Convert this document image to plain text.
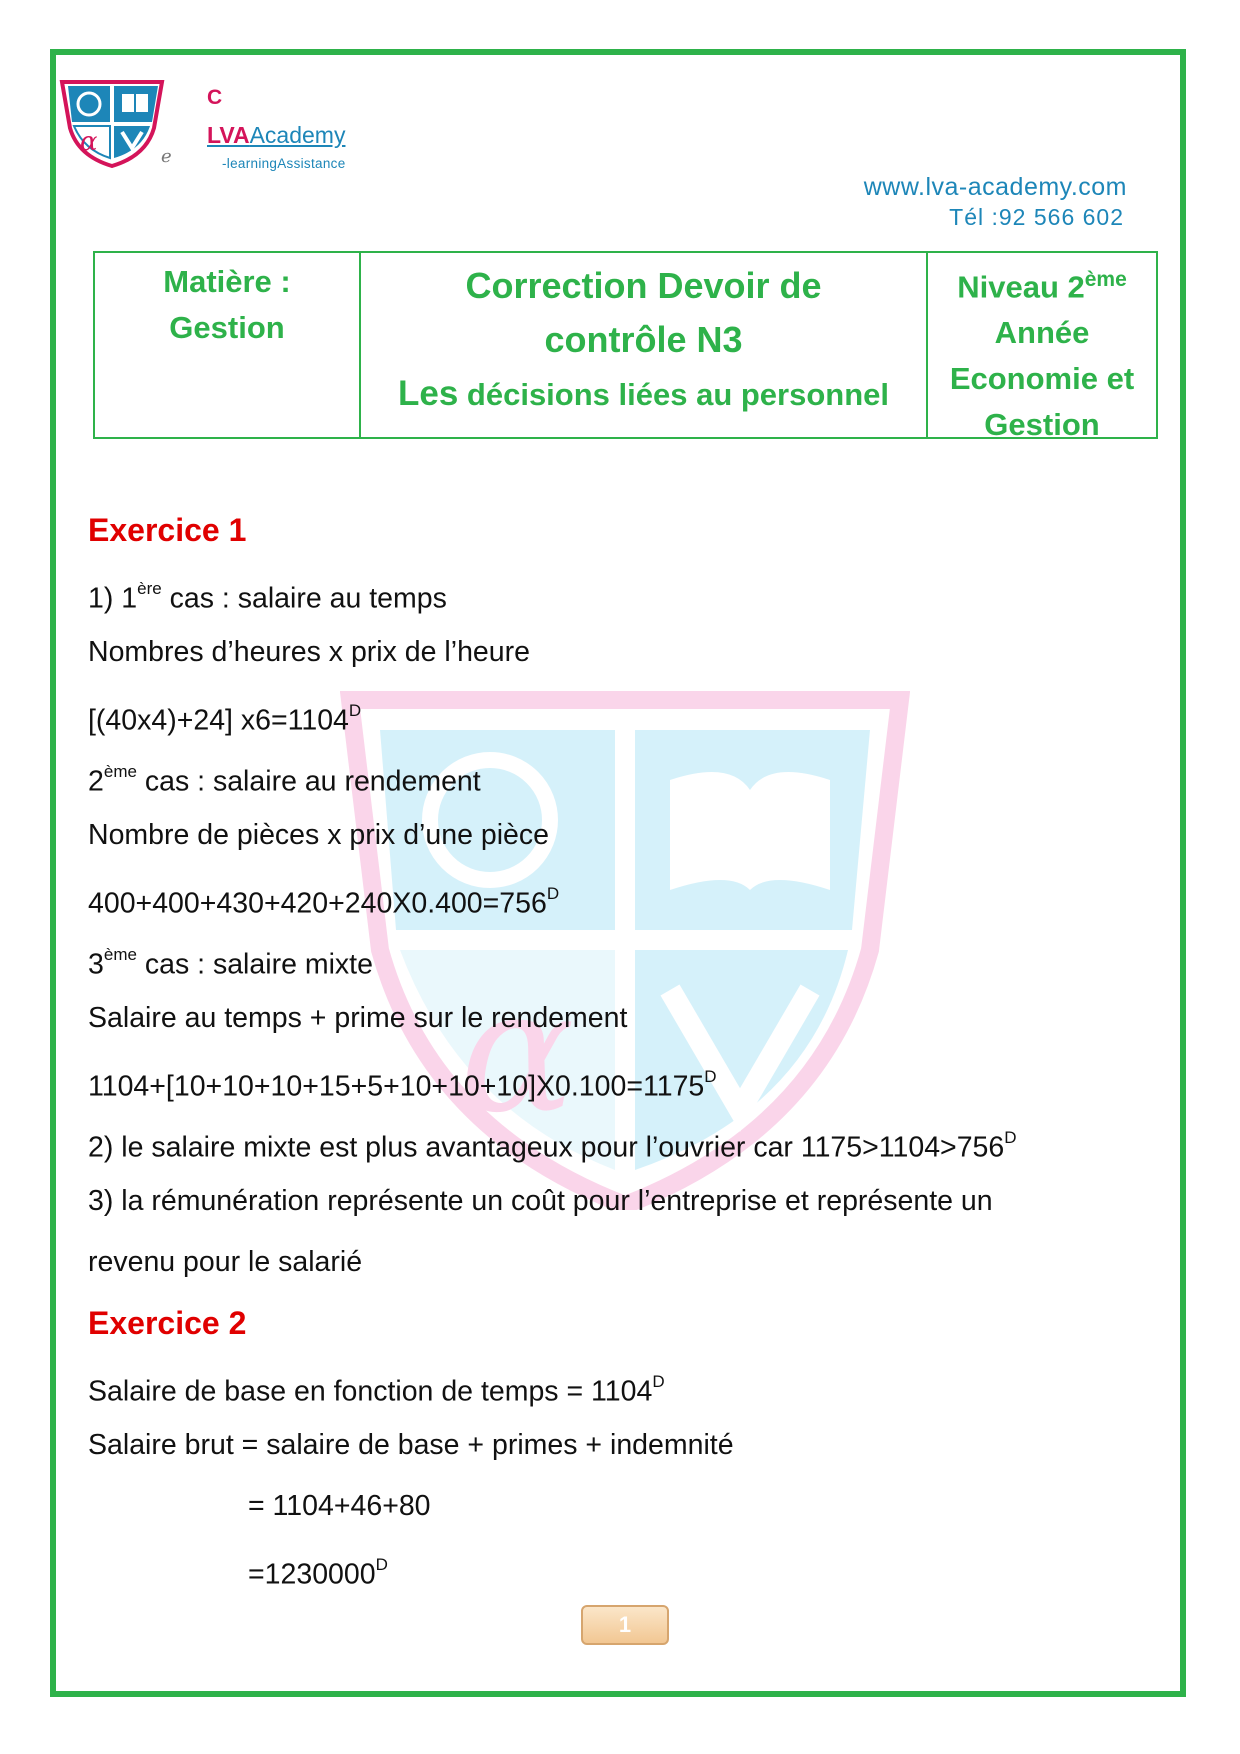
α	e
C
LVAAcademy
-learningAssistance
www.lva-academy.com
Tél :92 566 602
Matière :
Gestion
Correction Devoir de
contrôle N3
Les décisions liées au personnel
Niveau 2ème
Année
Economie et
Gestion
α
Exercice 1
1) 1ère cas : salaire au temps
Nombres d’heures x prix de l’heure
[(40x4)+24] $x6=1104^D$
2ème cas : salaire au rendement
Nombre de pièces x prix d’une pièce
$400+400+430+420+240X0.400=756^D$
3ème cas : salaire mixte
Salaire au temps + prime sur le rendement
$1104+[10+10+10+15+5+10+10+10]X0.100=1175^D$
2) le salaire mixte est plus avantageux pour l’ouvrier car $1175>1104>756^D$
3) la rémunération représente un coût pour l’entreprise et représente un
revenu pour le salarié
Exercice 2
Salaire de base en fonction de temps = $1104^D$
Salaire brut = salaire de base + primes + indemnité
= 1104+46+80
$=1230000^D$
1
